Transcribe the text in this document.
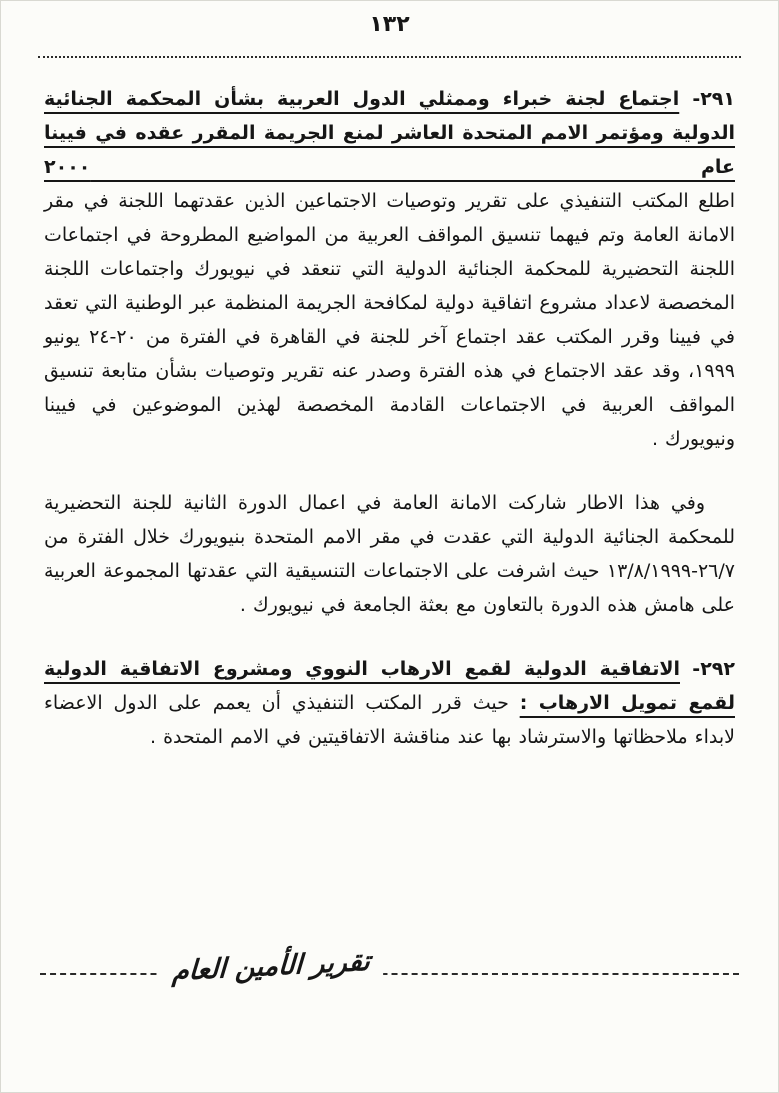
١٣٢

٢٩١- اجتماع لجنة خبراء وممثلي الدول العربية بشأن المحكمة الجنائية الدولية ومؤتمر الامم المتحدة العاشر لمنع الجريمة المقرر عقده في فيينا عام ٢٠٠٠

اطلع المكتب التنفيذي على تقرير وتوصيات الاجتماعين الذين عقدتهما اللجنة في مقر الامانة العامة وتم فيهما تنسيق المواقف العربية من المواضيع المطروحة في اجتماعات اللجنة التحضيرية للمحكمة الجنائية الدولية التي تنعقد في نيويورك واجتماعات اللجنة المخصصة لاعداد مشروع اتفاقية دولية لمكافحة الجريمة المنظمة عبر الوطنية التي تعقد في فيينا وقرر المكتب عقد اجتماع آخر للجنة في القاهرة في الفترة من ٢٠-٢٤ يونيو ١٩٩٩، وقد عقد الاجتماع في هذه الفترة وصدر عنه تقرير وتوصيات بشأن متابعة تنسيق المواقف العربية في الاجتماعات القادمة المخصصة لهذين الموضوعين في فيينا ونيويورك .

وفي هذا الاطار شاركت الامانة العامة في اعمال الدورة الثانية للجنة التحضيرية للمحكمة الجنائية الدولية التي عقدت في مقر الامم المتحدة بنيويورك خلال الفترة من ٢٦/٧-١٣/٨/١٩٩٩ حيث اشرفت على الاجتماعات التنسيقية التي عقدتها المجموعة العربية على هامش هذه الدورة بالتعاون مع بعثة الجامعة في نيويورك .

٢٩٢- الاتفاقية الدولية لقمع الارهاب النووي ومشروع الاتفاقية الدولية لقمع تمويل الارهاب : حيث قرر المكتب التنفيذي أن يعمم على الدول الاعضاء لابداء ملاحظاتها والاسترشاد بها عند مناقشة الاتفاقيتين في الامم المتحدة .

تقرير الأمين العام
